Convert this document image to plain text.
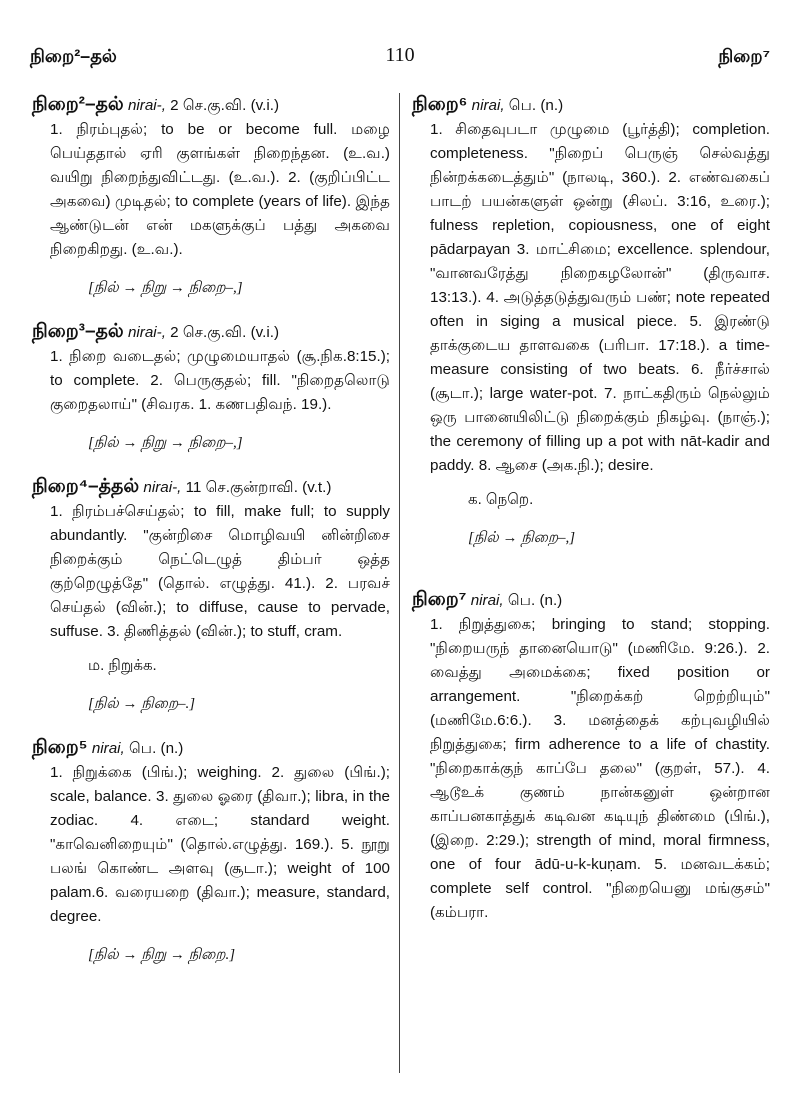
நிறை²–தல்	110	நிறை⁷
நிறை²–தல் nirai-, 2 செ.கு.வி. (v.i.)
1. நிரம்புதல்; to be or become full. மழை பெய்ததால் ஏரி குளங்கள் நிறைந்தன. (உ.வ.) வயிறு நிறைந்துவிட்டது. (உ.வ.). 2. (குறிப்பிட்ட அகவை) முடிதல்; to complete (years of life). இந்த ஆண்டுடன் என் மகளுக்குப் பத்து அகவை நிறைகிறது. (உ.வ.).
[நில் → நிறு → நிறை–,]
நிறை³–தல் nirai-, 2 செ.கு.வி. (v.i.)
1. நிறை வடைதல்; முழுமையாதல் (சூ.நிக.8:15.); to complete. 2. பெருகுதல்; fill. "நிறைதலொடு குறைதலாய்" (சிவரக. 1. கணபதிவந். 19.).
[நில் → நிறு → நிறை–,]
நிறை⁴–த்தல் nirai-, 11 செ.குன்றாவி. (v.t.)
1. நிரம்பச்செய்தல்; to fill, make full; to supply abundantly. "குன்றிசை மொழிவயி னின்றிசை நிறைக்கும் நெட்டெழுத் திம்பர் ஒத்த குற்றெழுத்தே" (தொல். எழுத்து. 41.). 2. பரவச் செய்தல் (வின்.); to diffuse, cause to pervade, suffuse. 3. திணித்தல் (வின்.); to stuff, cram.
ம. நிறுக்க.
[நில் → நிறை–.]
நிறை⁵ nirai, பெ. (n.)
1. நிறுக்கை (பிங்.); weighing. 2. துலை (பிங்.); scale, balance. 3. துலை ஓரை (திவா.); libra, in the zodiac. 4. எடை; standard weight. "காவெனிறையும்" (தொல்.எழுத்து. 169.). 5. நூறு பலங் கொண்ட அளவு (சூடா.); weight of 100 palam.6. வரையறை (திவா.); measure, standard, degree.
[நில் → நிறு → நிறை.]
நிறை⁶ nirai, பெ. (n.)
1. சிதைவுபடா முழுமை (பூர்த்தி); completion. completeness. "நிறைப் பெருஞ் செல்வத்து நின்றக்கடைத்தும்" (நாலடி, 360.). 2. எண்வகைப் பாடற் பயன்களுள் ஒன்று (சிலப். 3:16, உரை.); fulness repletion, copiousness, one of eight pādarpayan 3. மாட்சிமை; excellence. splendour, "வானவரேத்து நிறைகழலோன்" (திருவாச. 13:13.). 4. அடுத்தடுத்துவரும் பண்; note repeated often in siging a musical piece. 5. இரண்டு தாக்குடைய தாளவகை (பரிபா. 17:18.). a time-measure consisting of two beats. 6. நீர்ச்சால் (சூடா.); large water-pot. 7. நாட்கதிரும் நெல்லும் ஒரு பானையிலிட்டு நிறைக்கும் நிகழ்வு. (நாஞ்.); the ceremony of filling up a pot with nāt-kadir and paddy. 8. ஆசை (அக.நி.); desire.
க. நெறெ.
[நில் → நிறை–,]
நிறை⁷ nirai, பெ. (n.)
1. நிறுத்துகை; bringing to stand; stopping. "நிறையருந் தானையொடு" (மணிமே. 9:26.). 2. வைத்து அமைக்கை; fixed position or arrangement. "நிறைக்கற் றெற்றியும்" (மணிமே.6:6.). 3. மனத்தைக் கற்புவழியில் நிறுத்துகை; firm adherence to a life of chastity. "நிறைகாக்குந் காப்பே தலை" (குறள், 57.). 4. ஆடூஉக் குணம் நான்கனுள் ஒன்றான காப்பனகாத்துக் கடிவன கடியுந் திண்மை (பிங்.), (இறை. 2:29.); strength of mind, moral firmness, one of four ādū-u-k-kuṇam. 5. மனவடக்கம்; complete self control. "நிறையெனு மங்குசம்" (கம்பரா.
